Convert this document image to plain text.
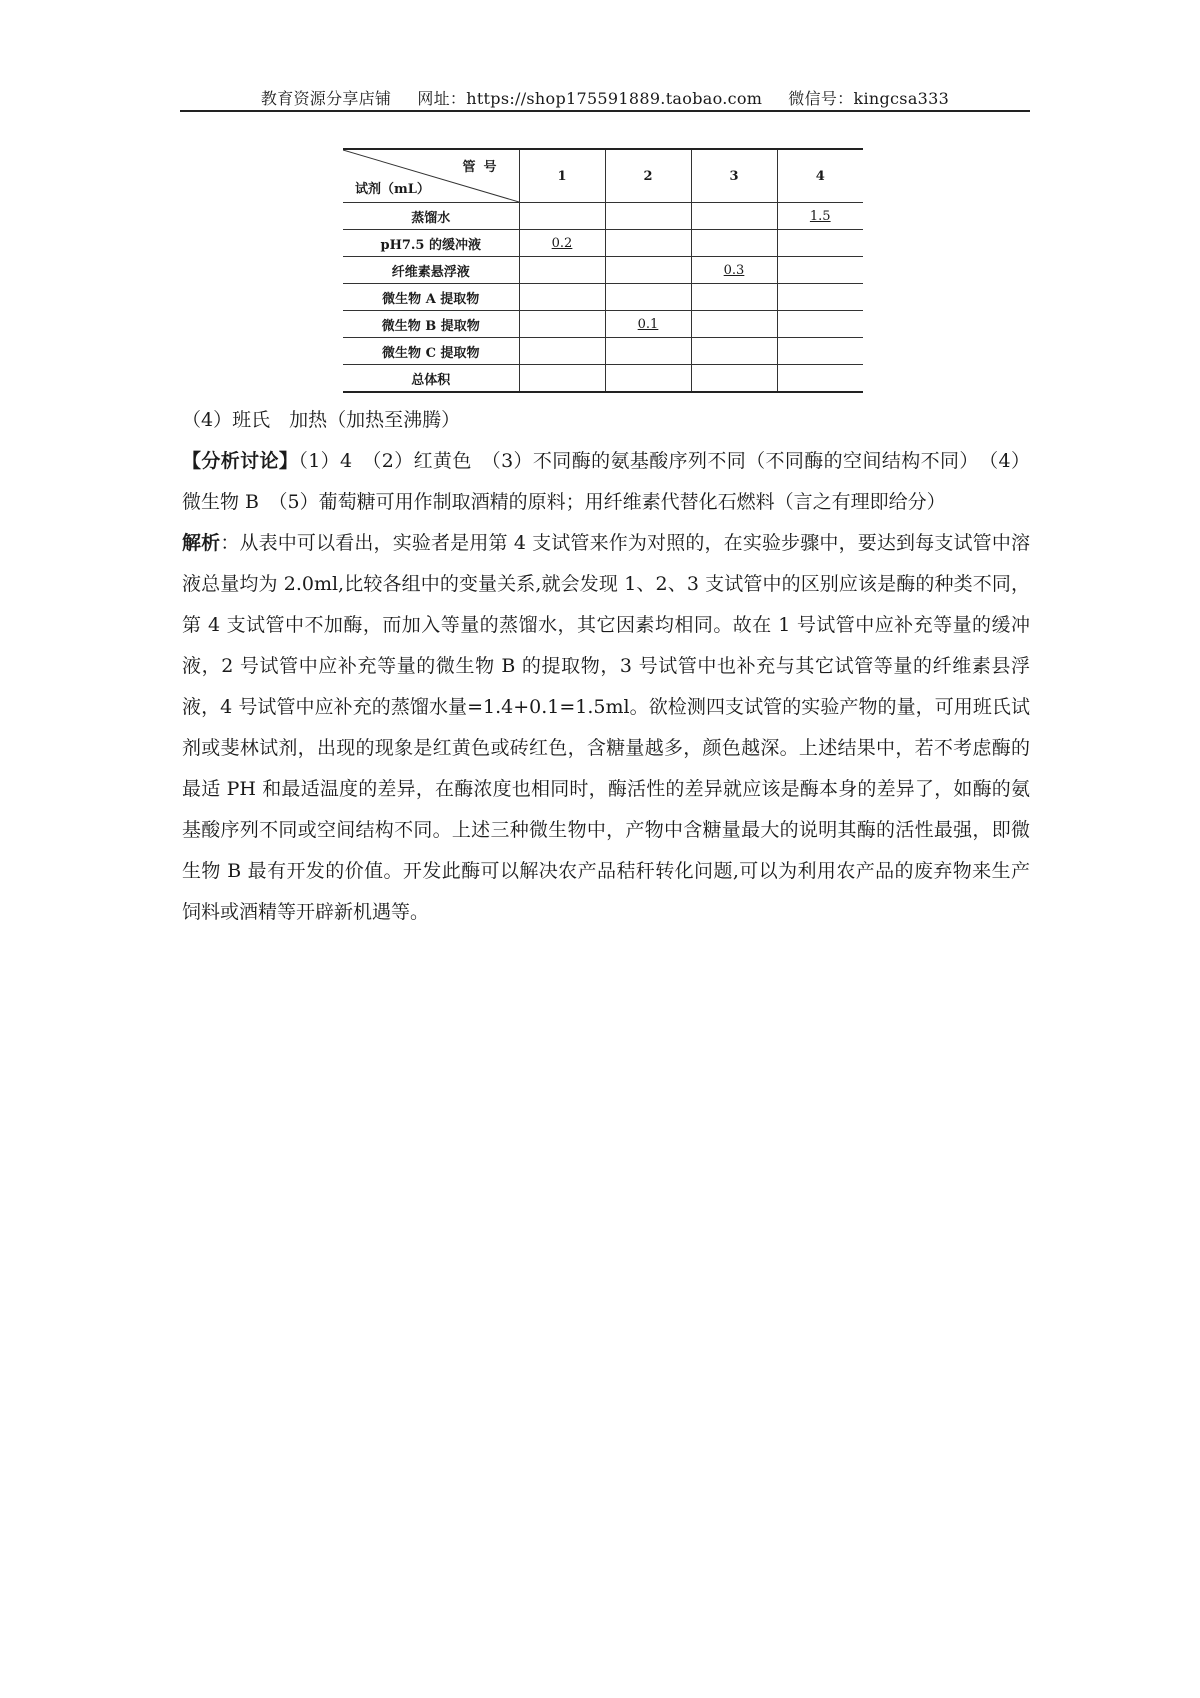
教育资源分享店铺 网址：https://shop175591889.taobao.com 微信号：kingcsa333
管号
试剂（mL）	1	2	3	4
蒸馏水				1.5
pH7.5 的缓冲液	0.2			
纤维素悬浮液			0.3	
微生物 A 提取物				
微生物 B 提取物		0.1		
微生物 C 提取物				
总体积				

（4）班氏　加热（加热至沸腾）

【分析讨论】（1）4　（2）红黄色　（3）不同酶的氨基酸序列不同（不同酶的空间结构不同）　（4）微生物 B　（5）葡萄糖可用作制取酒精的原料；用纤维素代替化石燃料（言之有理即给分）

解析：从表中可以看出，实验者是用第 4 支试管来作为对照的，在实验步骤中，要达到每支试管中溶液总量均为 2.0ml,比较各组中的变量关系,就会发现 1、2、3 支试管中的区别应该是酶的种类不同，第 4 支试管中不加酶，而加入等量的蒸馏水，其它因素均相同。故在 1 号试管中应补充等量的缓冲液，2 号试管中应补充等量的微生物 B 的提取物，3 号试管中也补充与其它试管等量的纤维素县浮液，4 号试管中应补充的蒸馏水量=1.4+0.1=1.5ml。欲检测四支试管的实验产物的量，可用班氏试剂或斐林试剂，出现的现象是红黄色或砖红色，含糖量越多，颜色越深。上述结果中，若不考虑酶的最适 PH 和最适温度的差异，在酶浓度也相同时，酶活性的差异就应该是酶本身的差异了，如酶的氨基酸序列不同或空间结构不同。上述三种微生物中，产物中含糖量最大的说明其酶的活性最强，即微生物 B 最有开发的价值。开发此酶可以解决农产品秸秆转化问题,可以为利用农产品的废弃物来生产饲料或酒精等开辟新机遇等。
